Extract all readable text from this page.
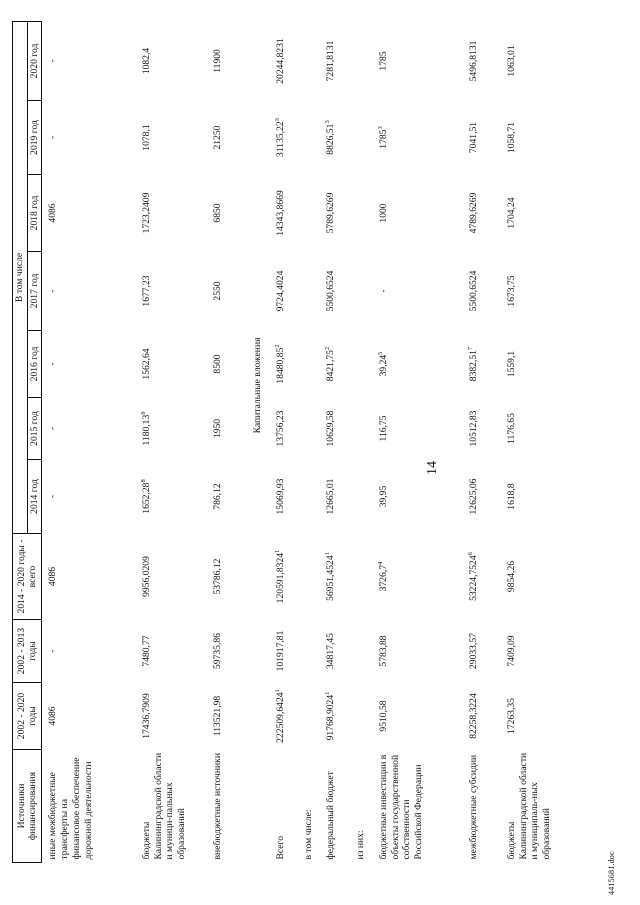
Источники финансирования	2002 - 2020 годы	2002 - 2013 годы	2014 - 2020 годы - всего	В том числе						
				2014 год	2015 год	2016 год	2017 год	2018 год	2019 год	2020 год
иные межбюджетные трансферты на финансовое обеспечение дорожной деятельности	4086	-	4086	-	-	-	-	4086	-	-
бюджеты Калининградской области и муници-пальных образований	17436,7909	7480,77	9956,0209	1652,28$^8$	1180,13$^9$	1562,64	1677,23	1723,2409	1078,1	1082,4
внебюджетные источники	113521,98	59735,86	53786,12	786,12	1950	8500	2550	6850	21250	11900
	Капитальные вложения									
Всего	222509,6424$^1$	101917,81	120591,8324$^1$	15069,93	13756,23	18480,85$^2$	9724,4024	14343,8669	31135,22$^3$	20244,8231
в том числе:										
федеральный бюджет	91768,9024$^1$	34817,45	56951,4524$^1$	12665,01	10629,58	8421,75$^2$	5500,6524	5789,6269	8826,51$^3$	7281,8131
из них:										
бюджетные инвестиции в объекты государственной собственности Российской Федерации	9510,58	5783,88	3726,7$^4$	39,95	116,75	39,24$^5$	-	1000	1785$^3$	1785
межбюджетные субсидии	82258,3224	29033,57	53224,7524$^6$	12625,06	10512,83	8382,51$^7$	5500,6524	4789,6269	7041,51	5496,8131
бюджеты Калининградской области и муниципаль-ных образований	17263,35	7409,09	9854,26	1618,8	1176,65	1559,1	1673,75	1704,24	1058,71	1063,01
14
4415681.doc
